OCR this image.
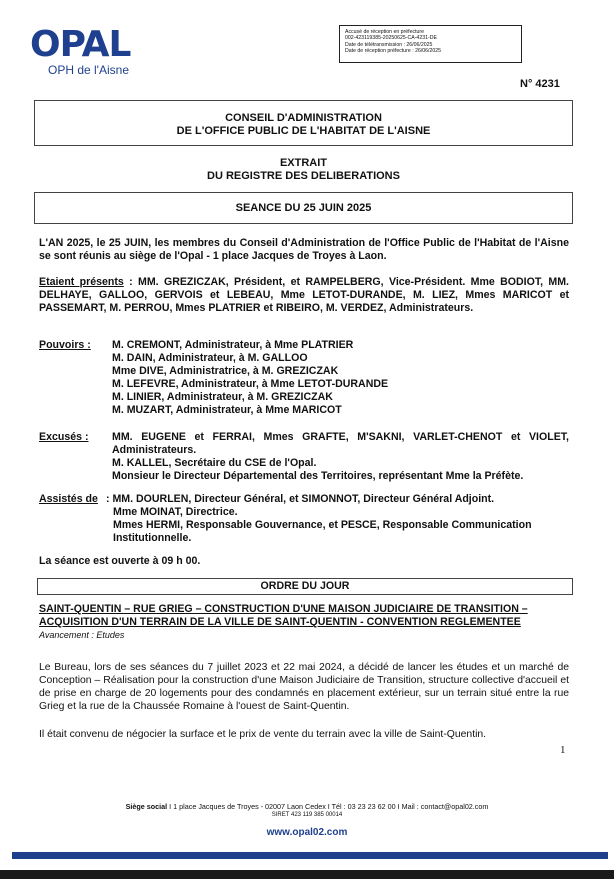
OPAL
OPH de l'Aisne
Accusé de réception en préfecture
002-423119385-20250625-CA-4231-DE
Date de télétransmission : 26/06/2025
Date de réception préfecture : 26/06/2025
N° 4231
CONSEIL D'ADMINISTRATION
DE L'OFFICE PUBLIC DE L'HABITAT DE L'AISNE
EXTRAIT
DU REGISTRE DES DELIBERATIONS
SEANCE DU 25 JUIN 2025
L'AN 2025, le 25 JUIN, les membres du Conseil d'Administration de l'Office Public de l'Habitat de l'Aisne se sont réunis au siège de l'Opal - 1 place Jacques de Troyes à Laon.
Etaient présents : MM. GREZICZAK, Président, et RAMPELBERG, Vice-Président. Mme BODIOT, MM. DELHAYE, GALLOO, GERVOIS et LEBEAU, Mme LETOT-DURANDE, M. LIEZ, Mmes MARICOT et PASSEMART, M. PERROU, Mmes PLATRIER et RIBEIRO, M. VERDEZ, Administrateurs.
Pouvoirs : M. CREMONT, Administrateur, à Mme PLATRIER
M. DAIN, Administrateur, à M. GALLOO
Mme DIVE, Administratrice, à M. GREZICZAK
M. LEFEVRE, Administrateur, à Mme LETOT-DURANDE
M. LINIER, Administrateur, à M. GREZICZAK
M. MUZART, Administrateur, à Mme MARICOT
Excusés : MM. EUGENE et FERRAI, Mmes GRAFTE, M'SAKNI, VARLET-CHENOT et VIOLET, Administrateurs.
M. KALLEL, Secrétaire du CSE de l'Opal.
Monsieur le Directeur Départemental des Territoires, représentant Mme la Préfète.
Assistés de : MM. DOURLEN, Directeur Général, et SIMONNOT, Directeur Général Adjoint.
Mme MOINAT, Directrice.
Mmes HERMI, Responsable Gouvernance, et PESCE, Responsable Communication Institutionnelle.
La séance est ouverte à 09 h 00.
ORDRE DU JOUR
SAINT-QUENTIN – RUE GRIEG – CONSTRUCTION D'UNE MAISON JUDICIAIRE DE TRANSITION – ACQUISITION D'UN TERRAIN DE LA VILLE DE SAINT-QUENTIN - CONVENTION REGLEMENTEE
Avancement : Etudes
Le Bureau, lors de ses séances du 7 juillet 2023 et 22 mai 2024, a décidé de lancer les études et un marché de Conception – Réalisation pour la construction d'une Maison Judiciaire de Transition, structure collective d'accueil et de prise en charge de 20 logements pour des condamnés en placement extérieur, sur un terrain situé entre la rue Grieg et la rue de la Chaussée Romaine à l'ouest de Saint-Quentin.
Il était convenu de négocier la surface et le prix de vente du terrain avec la ville de Saint-Quentin.
1
Siège social I 1 place Jacques de Troyes - 02007 Laon Cedex I Tél : 03 23 23 62 00 I Mail : contact@opal02.com
SIRET 423 119 385 00014
www.opal02.com
